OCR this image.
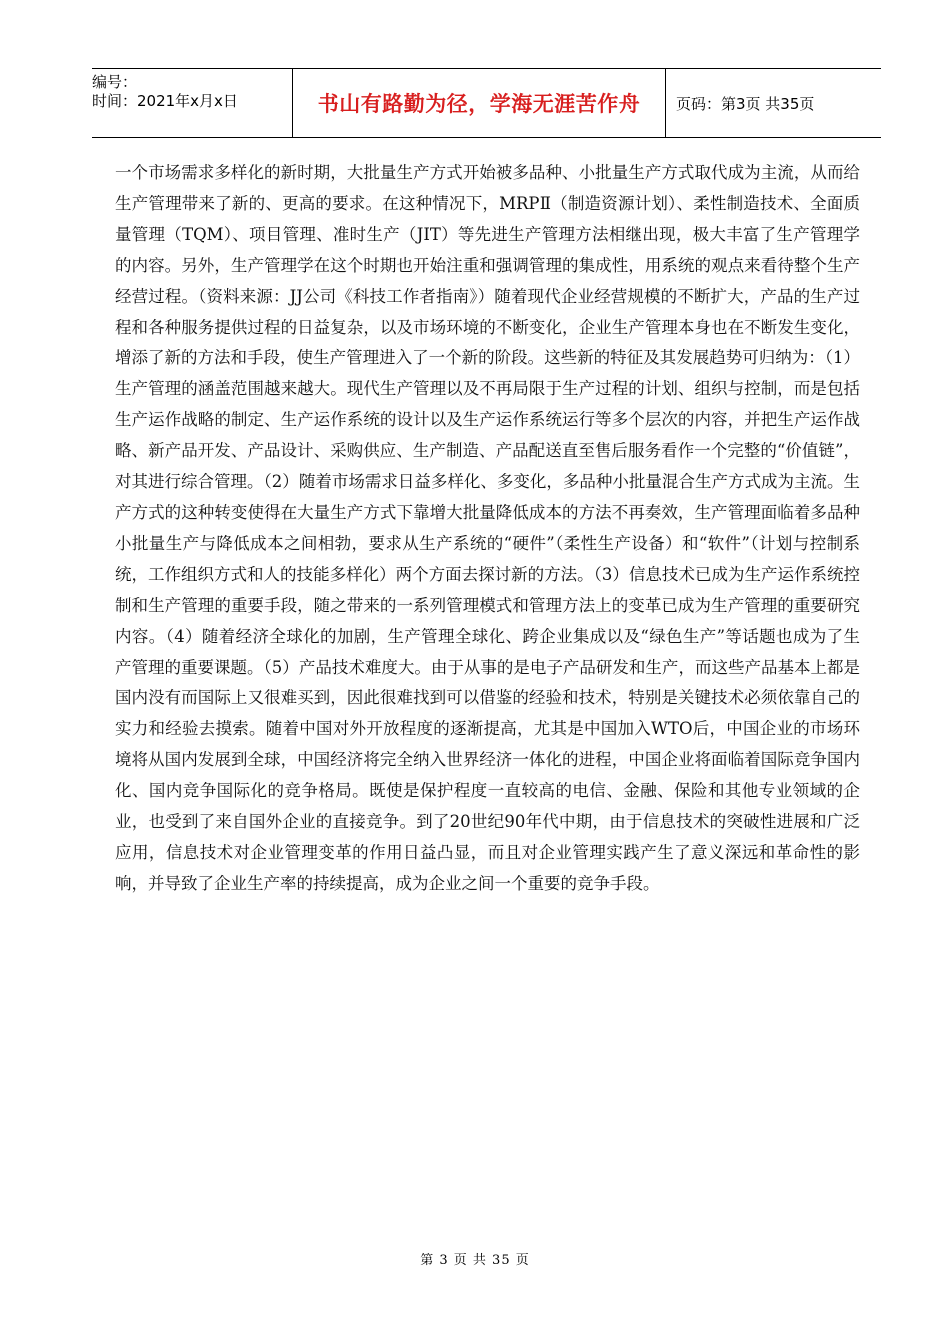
编号：
时间：2021年x月x日	书山有路勤为径，学海无涯苦作舟	页码：第3页 共35页
一个市场需求多样化的新时期，大批量生产方式开始被多品种、小批量生产方式取代成为主流，从而给生产管理带来了新的、更高的要求。在这种情况下，MRPⅡ（制造资源计划）、柔性制造技术、全面质量管理（TQM）、项目管理、准时生产（JIT）等先进生产管理方法相继出现，极大丰富了生产管理学的内容。另外，生产管理学在这个时期也开始注重和强调管理的集成性，用系统的观点来看待整个生产经营过程。（资料来源：JJ公司《科技工作者指南》）随着现代企业经营规模的不断扩大，产品的生产过程和各种服务提供过程的日益复杂，以及市场环境的不断变化，企业生产管理本身也在不断发生变化，增添了新的方法和手段，使生产管理进入了一个新的阶段。这些新的特征及其发展趋势可归纳为：（1）生产管理的涵盖范围越来越大。现代生产管理以及不再局限于生产过程的计划、组织与控制，而是包括生产运作战略的制定、生产运作系统的设计以及生产运作系统运行等多个层次的内容，并把生产运作战略、新产品开发、产品设计、采购供应、生产制造、产品配送直至售后服务看作一个完整的“价值链”，对其进行综合管理。（2）随着市场需求日益多样化、多变化，多品种小批量混合生产方式成为主流。生产方式的这种转变使得在大量生产方式下靠增大批量降低成本的方法不再奏效，生产管理面临着多品种小批量生产与降低成本之间相勃，要求从生产系统的“硬件”（柔性生产设备）和“软件”（计划与控制系统，工作组织方式和人的技能多样化）两个方面去探讨新的方法。（3）信息技术已成为生产运作系统控制和生产管理的重要手段，随之带来的一系列管理模式和管理方法上的变革已成为生产管理的重要研究内容。（4）随着经济全球化的加剧，生产管理全球化、跨企业集成以及“绿色生产”等话题也成为了生产管理的重要课题。（5）产品技术难度大。由于从事的是电子产品研发和生产，而这些产品基本上都是国内没有而国际上又很难买到，因此很难找到可以借鉴的经验和技术，特别是关键技术必须依靠自己的实力和经验去摸索。随着中国对外开放程度的逐渐提高，尤其是中国加入WTO后，中国企业的市场环境将从国内发展到全球，中国经济将完全纳入世界经济一体化的进程，中国企业将面临着国际竞争国内化、国内竞争国际化的竞争格局。既使是保护程度一直较高的电信、金融、保险和其他专业领域的企业，也受到了来自国外企业的直接竞争。到了20世纪90年代中期，由于信息技术的突破性进展和广泛应用，信息技术对企业管理变革的作用日益凸显，而且对企业管理实践产生了意义深远和革命性的影响，并导致了企业生产率的持续提高，成为企业之间一个重要的竞争手段。
第 3 页 共 35 页
